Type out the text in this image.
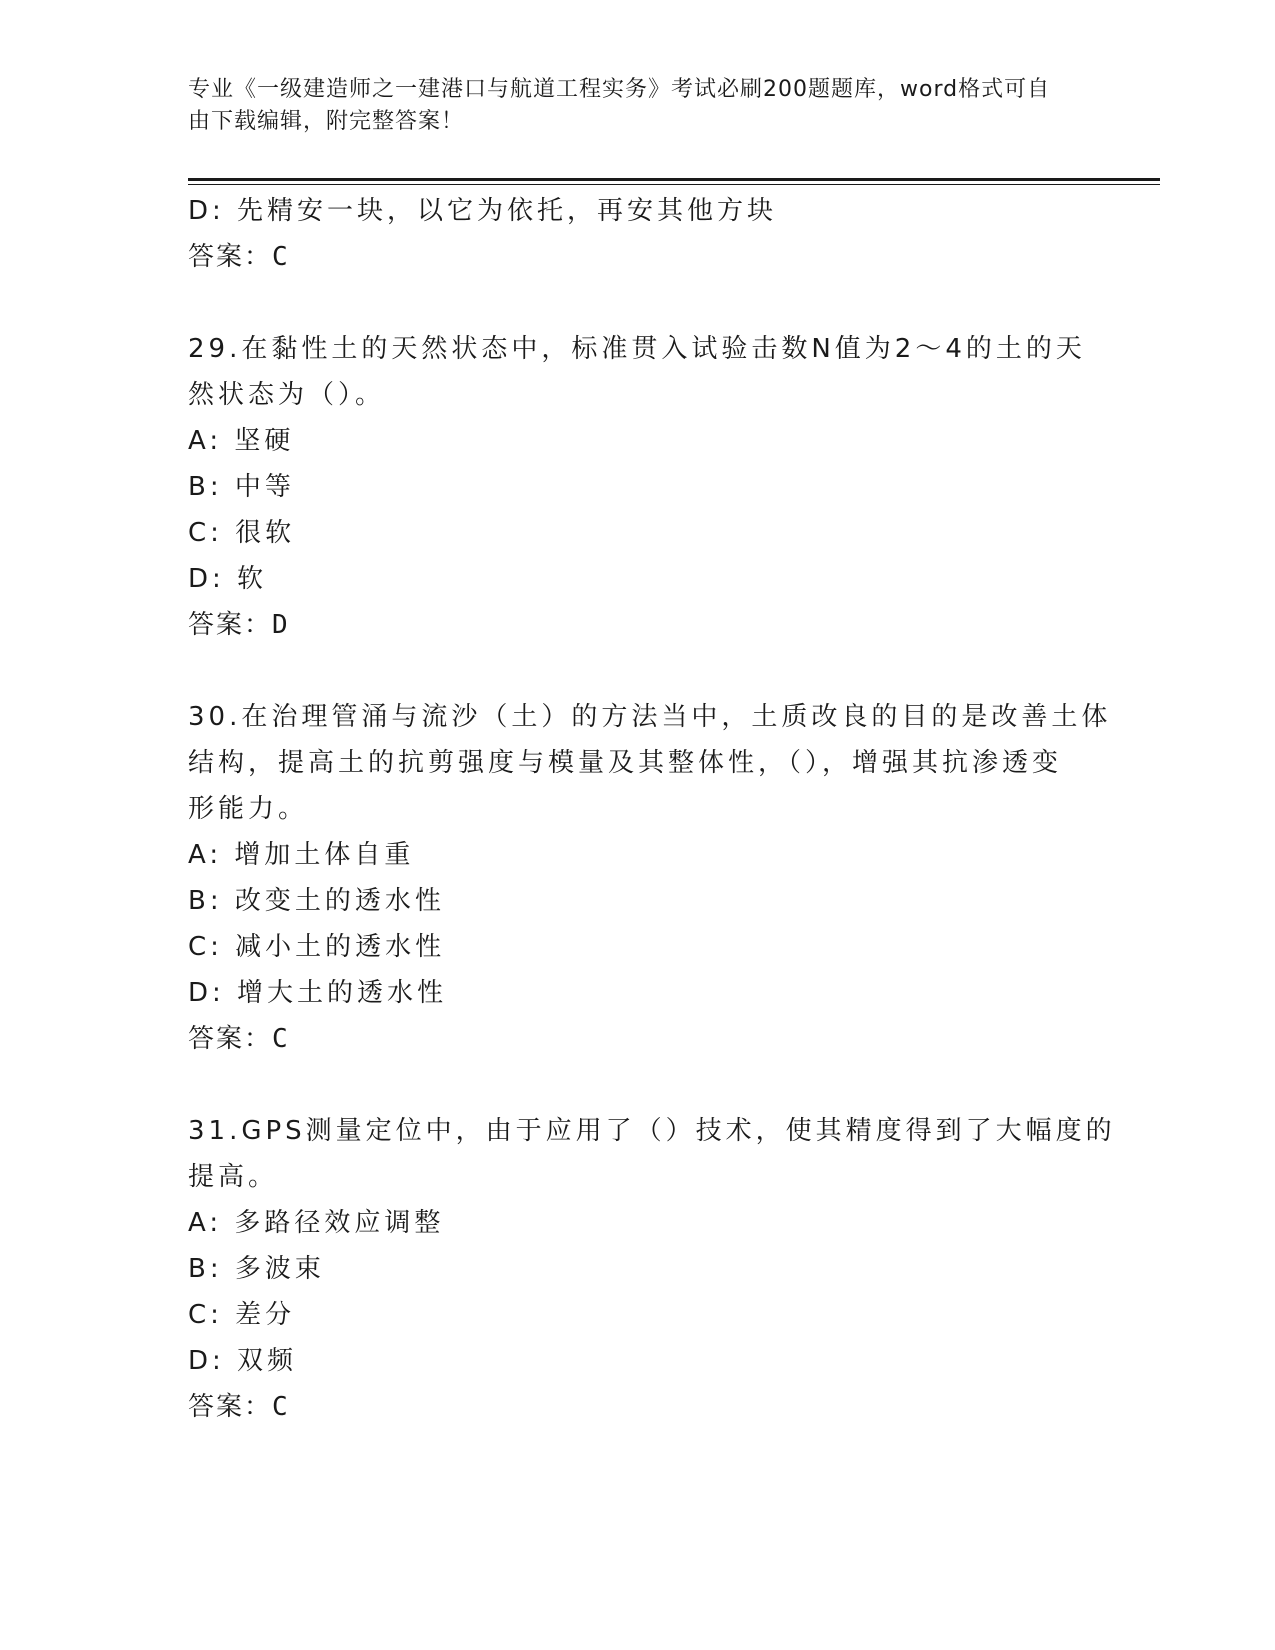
专业《一级建造师之一建港口与航道工程实务》考试必刷200题题库，word格式可自由下载编辑，附完整答案！

D: 先精安一块，以它为依托，再安其他方块

答案：C

29.在黏性土的天然状态中，标准贯入试验击数N值为2～4的土的天

然状态为（）。

A: 坚硬

B: 中等

C: 很软

D: 软

答案：D

30.在治理管涌与流沙（土）的方法当中，土质改良的目的是改善土体

结构，提高土的抗剪强度与模量及其整体性，（），增强其抗渗透变

形能力。

A: 增加土体自重

B: 改变土的透水性

C: 减小土的透水性

D: 增大土的透水性

答案：C

31.GPS测量定位中，由于应用了（）技术，使其精度得到了大幅度的

提高。

A: 多路径效应调整

B: 多波束

C: 差分

D: 双频

答案：C
